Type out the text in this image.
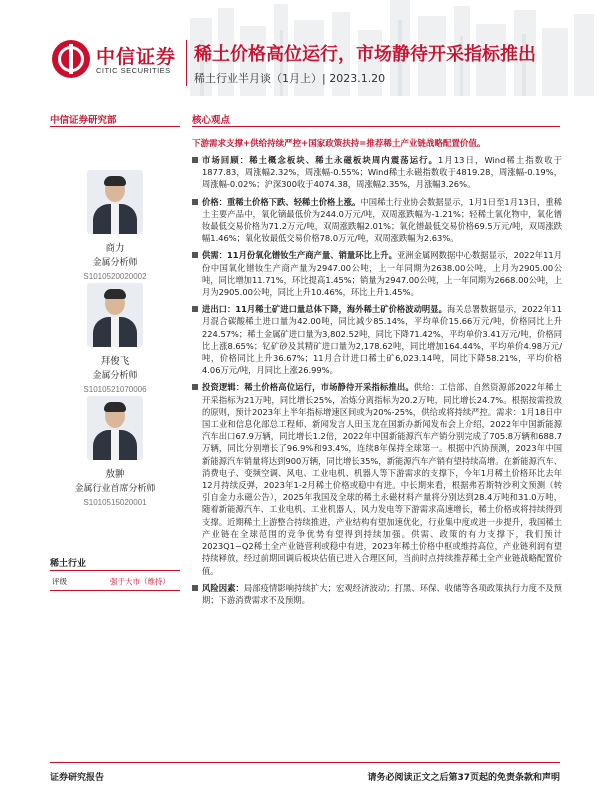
中信证券
CITIC SECURITIES
稀土价格高位运行，市场静待开采指标推出
稀土行业半月谈（1月上）| 2023.1.20
中信证券研究部	核心观点
下游需求支撑+供给持续严控+国家政策扶持=推荐稀土产业链战略配置价值。
商力
金属分析师
S1010520020002
拜俊飞
金属分析师
S1010521070006
敖翀
金属行业首席分析师
S1010515020001
稀土行业
评级	强于大市（维持）
市场回顾：稀土概念板块、稀土永磁板块周内震荡运行。1月13日，Wind稀土指数收于1877.83，周涨幅2.32%，周涨幅-0.55%；Wind稀土永磁指数收于4819.28，周涨幅-0.19%，周涨幅-0.02%；沪深300收于4074.38，周涨幅2.35%，月涨幅3.26%。
价格：重稀土价格下跌、轻稀土价格上涨。中国稀土行业协会数据显示，1月1日至1月13日，重稀土主要产品中，氧化镝最低价为244.0万元/吨，双周涨跌幅为-1.21%；轻稀土氧化物中，氧化镨钕最低交易价格为71.2万元/吨，双周涨跌幅2.01%；氧化镨最低交易价格69.5万元/吨，双周涨跌幅1.46%；氧化钕最低交易价格78.0万元/吨，双周涨跌幅为2.63%。
供需：11月份氧化镨钕生产商产量、销量环比上升。亚洲金属网数据中心数据显示，2022年11月份中国氧化镨钕生产商产量为2947.00公吨，上一年同期为2638.00公吨，上月为2905.00公吨，同比增加11.71%，环比提高1.45%；销量为2947.00公吨，上一年同期为2668.00公吨，上月为2905.00公吨，同比上升10.46%，环比上升1.45%。
进出口：11月稀土矿进口量总体下降，海外稀土矿价格波动明显。海关总署数据显示，2022年11月混合碳酸稀土进口量为42.00吨，同比减少85.14%，平均单价15.66万元/吨，价格同比上升224.57%；稀土金属矿进口量为3,802.52吨，同比下降71.42%，平均单价3.41万元/吨，价格同比上涨8.65%；钇矿砂及其精矿进口量为2,178.62吨，同比增加164.44%，平均单价4.98万元/吨，价格同比上升36.67%；11月合计进口稀土矿6,023.14吨，同比下降58.21%，平均价格4.06万元/吨，月同比上涨26.99%。
投资逻辑：稀土价格高位运行，市场静待开采指标推出。供给：工信部、自然资源部2022年稀土开采指标为21万吨，同比增长25%，冶炼分离指标为20.2万吨，同比增长24.7%。根据按需投放的原则，预计2023年上半年指标增速区间或为20%-25%，供给或将持续严控。需求：1月18日中国工业和信息化部总工程师、新闻发言人田玉龙在国新办新闻发布会上介绍，2022年中国新能源汽车出口67.9万辆，同比增长1.2倍，2022年中国新能源汽车产销分别完成了705.8万辆和688.7万辆，同比分别增长了96.9%和93.4%，连续8年保持全球第一。根据中汽协预测，2023年中国新能源汽车销量将达到900万辆，同比增长35%，新能源汽车产销有望持续高增。在新能源汽车、消费电子、变频空调、风电、工业电机、机器人等下游需求的支撑下，今年1月稀土价格环比去年12月持续反弹，2023年1-2月稀土价格或稳中有进。中长期来看，根据弗若斯特沙利文预测（转引自金力永磁公告），2025年我国及全球的稀土永磁材料产量将分别达到28.4万吨和31.0万吨，随着新能源汽车、工业电机、工业机器人、风力发电等下游需求高速增长，稀土价格或将持续得到支撑。近期稀土上游整合持续推进，产业结构有望加速优化，行业集中度或进一步提升，我国稀土产业链在全球范围的竞争优势有望得到持续加强。供需、政策的有力支撑下，我们预计2023Q1~Q2稀土全产业链营利或稳中有进，2023年稀土价格中枢或维持高位，产业链利润有望持续释放，经过前期回调后板块估值已进入合理区间，当前时点持续推荐稀土全产业链战略配置价值。
风险因素：局部疫情影响持续扩大；宏观经济波动；打黑、环保、收储等各项政策执行力度不及预期；下游消费需求不及预期。
证券研究报告	请务必阅读正文之后第37页起的免责条款和声明
